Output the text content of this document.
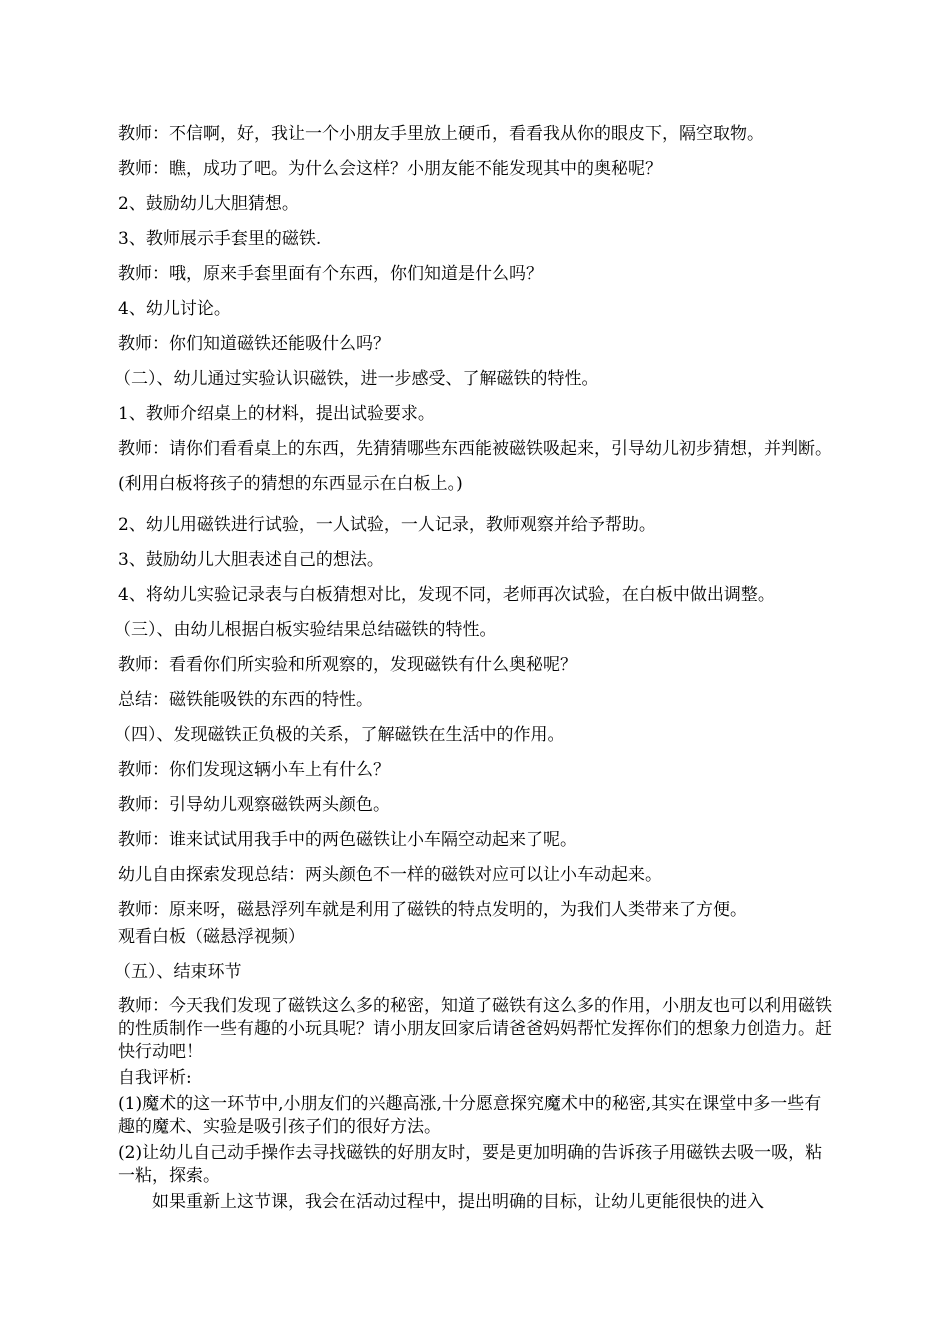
教师：不信啊，好，我让一个小朋友手里放上硬币，看看我从你的眼皮下，隔空取物。

教师：瞧，成功了吧。为什么会这样？小朋友能不能发现其中的奥秘呢？

2、鼓励幼儿大胆猜想。

3、教师展示手套里的磁铁.

教师：哦，原来手套里面有个东西，你们知道是什么吗？

4、幼儿讨论。

教师：你们知道磁铁还能吸什么吗？

（二）、幼儿通过实验认识磁铁，进一步感受、了解磁铁的特性。

1、教师介绍桌上的材料，提出试验要求。

教师：请你们看看桌上的东西，先猜猜哪些东西能被磁铁吸起来，引导幼儿初步猜想，并判断。(利用白板将孩子的猜想的东西显示在白板上。)

2、幼儿用磁铁进行试验，一人试验，一人记录，教师观察并给予帮助。

3、鼓励幼儿大胆表述自己的想法。

4、将幼儿实验记录表与白板猜想对比，发现不同，老师再次试验，在白板中做出调整。

（三）、由幼儿根据白板实验结果总结磁铁的特性。

教师：看看你们所实验和所观察的，发现磁铁有什么奥秘呢？

总结：磁铁能吸铁的东西的特性。

（四）、发现磁铁正负极的关系，了解磁铁在生活中的作用。

教师：你们发现这辆小车上有什么？

教师：引导幼儿观察磁铁两头颜色。

教师：谁来试试用我手中的两色磁铁让小车隔空动起来了呢。

幼儿自由探索发现总结：两头颜色不一样的磁铁对应可以让小车动起来。

教师：原来呀，磁悬浮列车就是利用了磁铁的特点发明的，为我们人类带来了方便。

观看白板（磁悬浮视频）

（五）、结束环节

教师：今天我们发现了磁铁这么多的秘密，知道了磁铁有这么多的作用，小朋友也可以利用磁铁的性质制作一些有趣的小玩具呢？请小朋友回家后请爸爸妈妈帮忙发挥你们的想象力创造力。赶快行动吧！

自我评析:

(1)魔术的这一环节中,小朋友们的兴趣高涨,十分愿意探究魔术中的秘密,其实在课堂中多一些有趣的魔术、实验是吸引孩子们的很好方法。

(2)让幼儿自己动手操作去寻找磁铁的好朋友时，要是更加明确的告诉孩子用磁铁去吸一吸，粘一粘，探索。

如果重新上这节课，我会在活动过程中，提出明确的目标，让幼儿更能很快的进入
